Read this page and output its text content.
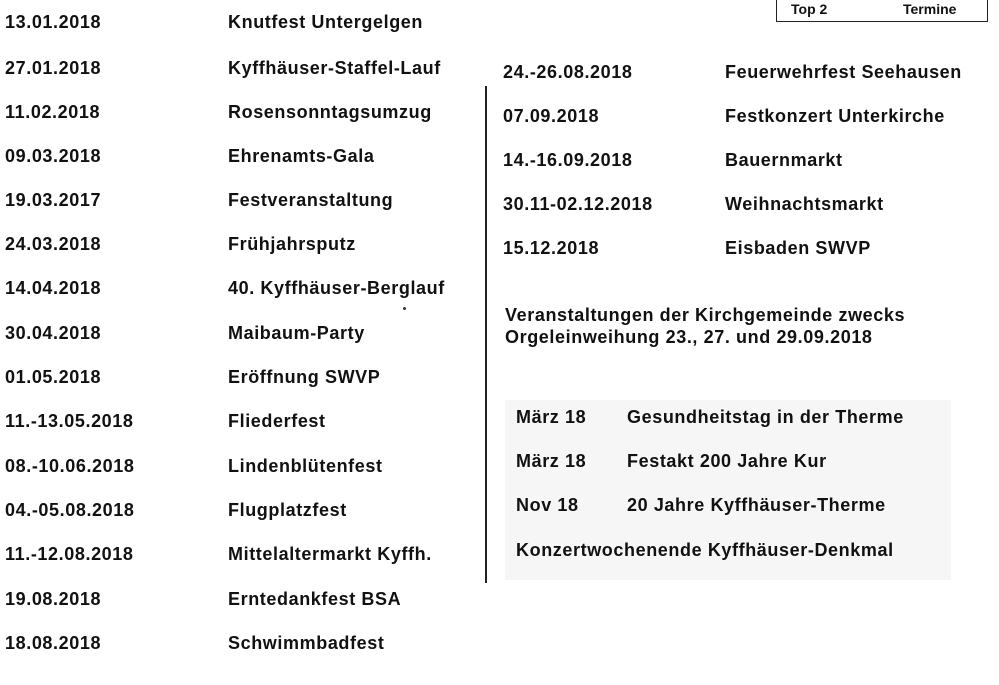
Top 2	Termine
13.01.2018	Knutfest Untergelgen
27.01.2018	Kyffhäuser-Staffel-Lauf
11.02.2018	Rosensonntagsumzug
09.03.2018	Ehrenamts-Gala
19.03.2017	Festveranstaltung
24.03.2018	Frühjahrsputz
14.04.2018	40. Kyffhäuser-Berglauf
30.04.2018	Maibaum-Party
01.05.2018	Eröffnung SWVP
11.-13.05.2018	Fliederfest
08.-10.06.2018	Lindenblütenfest
04.-05.08.2018	Flugplatzfest
11.-12.08.2018	Mittelaltermarkt Kyffh.
19.08.2018	Erntedankfest BSA
18.08.2018	Schwimmbadfest
24.-26.08.2018	Feuerwehrfest Seehausen
07.09.2018	Festkonzert Unterkirche
14.-16.09.2018	Bauernmarkt
30.11-02.12.2018	Weihnachtsmarkt
15.12.2018	Eisbaden SWVP
Veranstaltungen der Kirchgemeinde zwecks
Orgeleinweihung 23., 27. und 29.09.2018
März 18 Gesundheitstag in der Therme
März 18 Festakt 200 Jahre Kur
Nov 18	20 Jahre Kyffhäuser-Therme
Konzertwochenende Kyffhäuser-Denkmal
